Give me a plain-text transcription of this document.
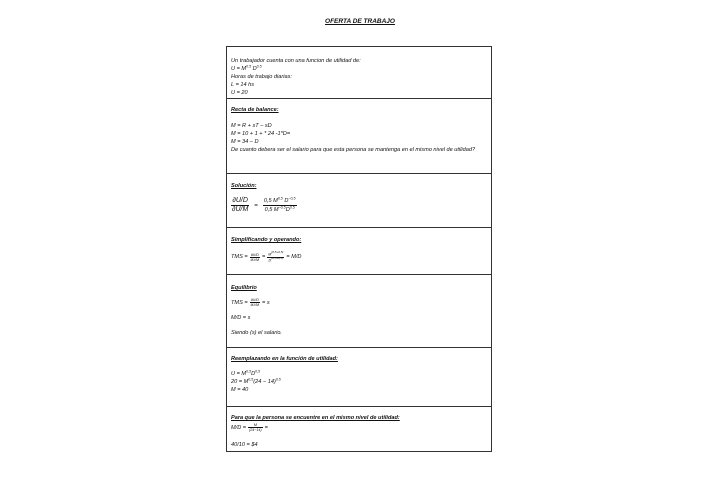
OFERTA DE TRABAJO
Un trabajador cuenta con una funcion de utilidad de:
$U = M^{0.5}$ $D^{0.5}$
Horas de trabajo diarias:
L = 14 hs
U = 20
Recta de balance:
M = R + sT – sD
M = 10 + 1 + * 24 -1*D=
M = 34 – D
De cuanto debera ser el salario para que esta persona se mantenga en el mismo nivel de utilidad?
Solución:
$\frac{\partial U/D}{\partial U/M} = \frac{0,5 M^{0,5} D^{-0,5}}{0,5 M^{-0,5}D^{0,5}}$
Simplificando y operando:
TMS = $\frac{\partial U/D}{\partial U/M} = \frac{M^{(0,5+0,5)}}{D^{(0,5+0,5)}} = M/D$
Equilibrio
TMS = $\frac{\partial U/D}{\partial U/M} = s$
M/D = s
Siendo (s) el salario.
Reemplazando en la función de utilidad:
$U = M^{0,5}D^{0,5}$
$20 = M^{0,5}(24 - 14)^{0,5}$
M = 40
Para que la persona se encuentre en el mismo nivel de utilidad:
$M/D = \frac{M}{(24-14)}$ =
40/10 = $4
